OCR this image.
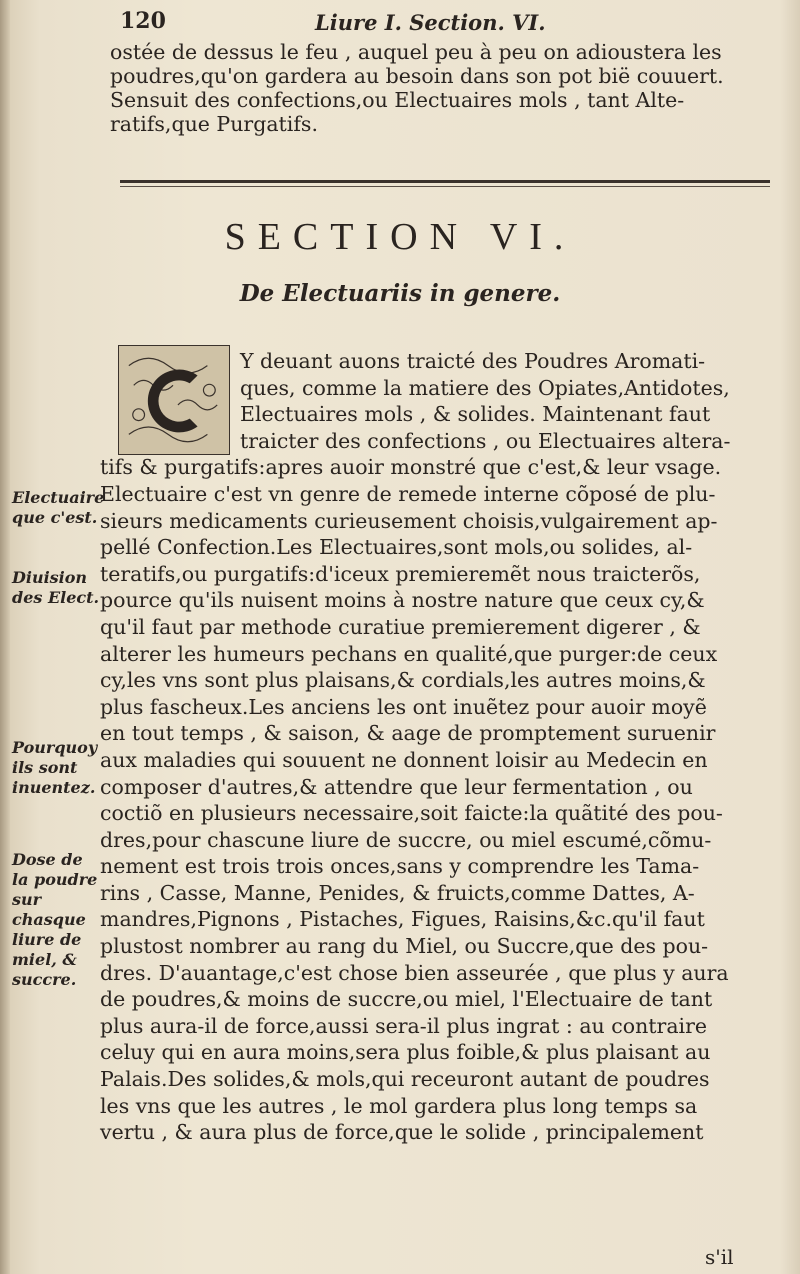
120	Liure I. Section. VI.
ostée de dessus le feu , auquel peu à peu on adioustera les
poudres,qu'on gardera au besoin dans son pot bië couuert.
Sensuit des confections,ou Electuaires mols , tant Alte-
ratifs,que Purgatifs.
SECTION VI.
De Electuariis in genere.
Y deuant auons traicté des Poudres Aromati-
ques, comme la matiere des Opiates,Antidotes,
Electuaires mols , & solides. Maintenant faut
traicter des confections , ou Electuaires altera-
tifs & purgatifs:apres auoir monstré que c'est,& leur vsage.
Electuaire c'est vn genre de remede interne cõposé de plu-
sieurs medicaments curieusement choisis,vulgairement ap-
pellé Confection.Les Electuaires,sont mols,ou solides, al-
teratifs,ou purgatifs:d'iceux premieremẽt nous traicterõs,
pource qu'ils nuisent moins à nostre nature que ceux cy,&
qu'il faut par methode curatiue premierement digerer , &
alterer les humeurs pechans en qualité,que purger:de ceux
cy,les vns sont plus plaisans,& cordials,les autres moins,&
plus fascheux.Les anciens les ont inuẽtez pour auoir moyẽ
en tout temps , & saison, & aage de promptement suruenir
aux maladies qui souuent ne donnent loisir au Medecin en
composer d'autres,& attendre que leur fermentation , ou
coctiõ en plusieurs necessaire,soit faicte:la quãtité des pou-
dres,pour chascune liure de succre, ou miel escumé,cõmu-
nement est trois trois onces,sans y comprendre les Tama-
rins , Casse, Manne, Penides, & fruicts,comme Dattes, A-
mandres,Pignons , Pistaches, Figues, Raisins,&c.qu'il faut
plustost nombrer au rang du Miel, ou Succre,que des pou-
dres. D'auantage,c'est chose bien asseurée , que plus y aura
de poudres,& moins de succre,ou miel, l'Electuaire de tant
plus aura-il de force,aussi sera-il plus ingrat : au contraire
celuy qui en aura moins,sera plus foible,& plus plaisant au
Palais.Des solides,& mols,qui receuront autant de poudres
les vns que les autres , le mol gardera plus long temps sa
vertu , & aura plus de force,que le solide , principalement
Electuaire que c'est.
Diuision des Elect.
Pourquoy ils sont inuentez.
Dose de la poudre sur chasque liure de miel, & succre.
s'il
